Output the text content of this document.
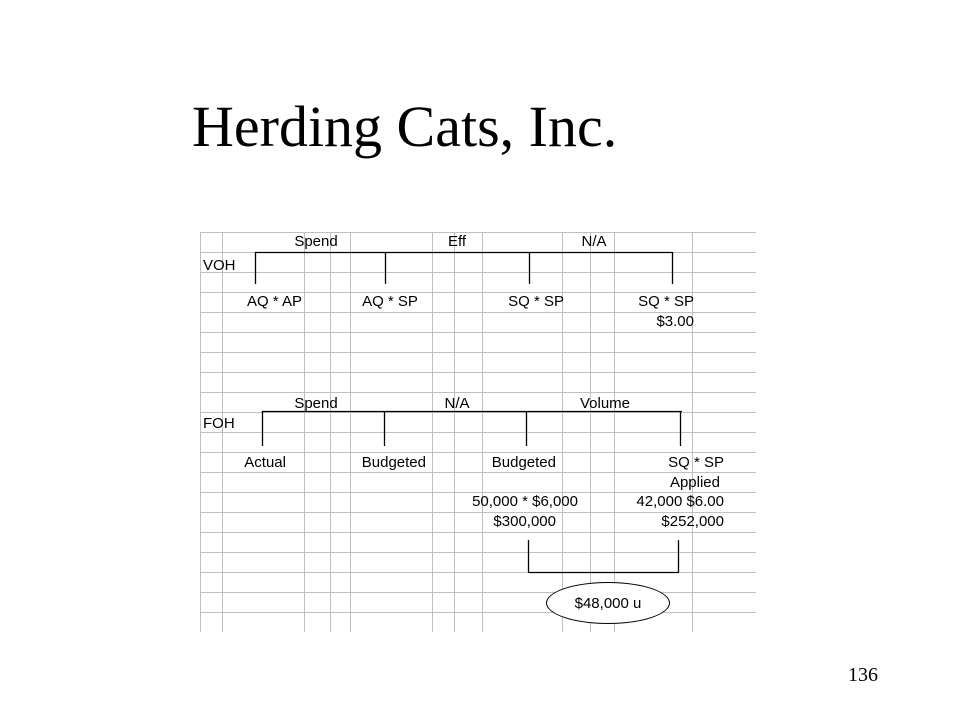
Herding Cats, Inc.
Spend	Eff	N/A
VOH
AQ * AP	AQ * SP	SQ * SP	SQ * SP
$3.00
Spend	N/A	Volume
FOH
Actual	Budgeted	Budgeted	SQ * SP
Applied
50,000 * $6,000	42,000 $6.00
$300,000	$252,000
$48,000 u
136
